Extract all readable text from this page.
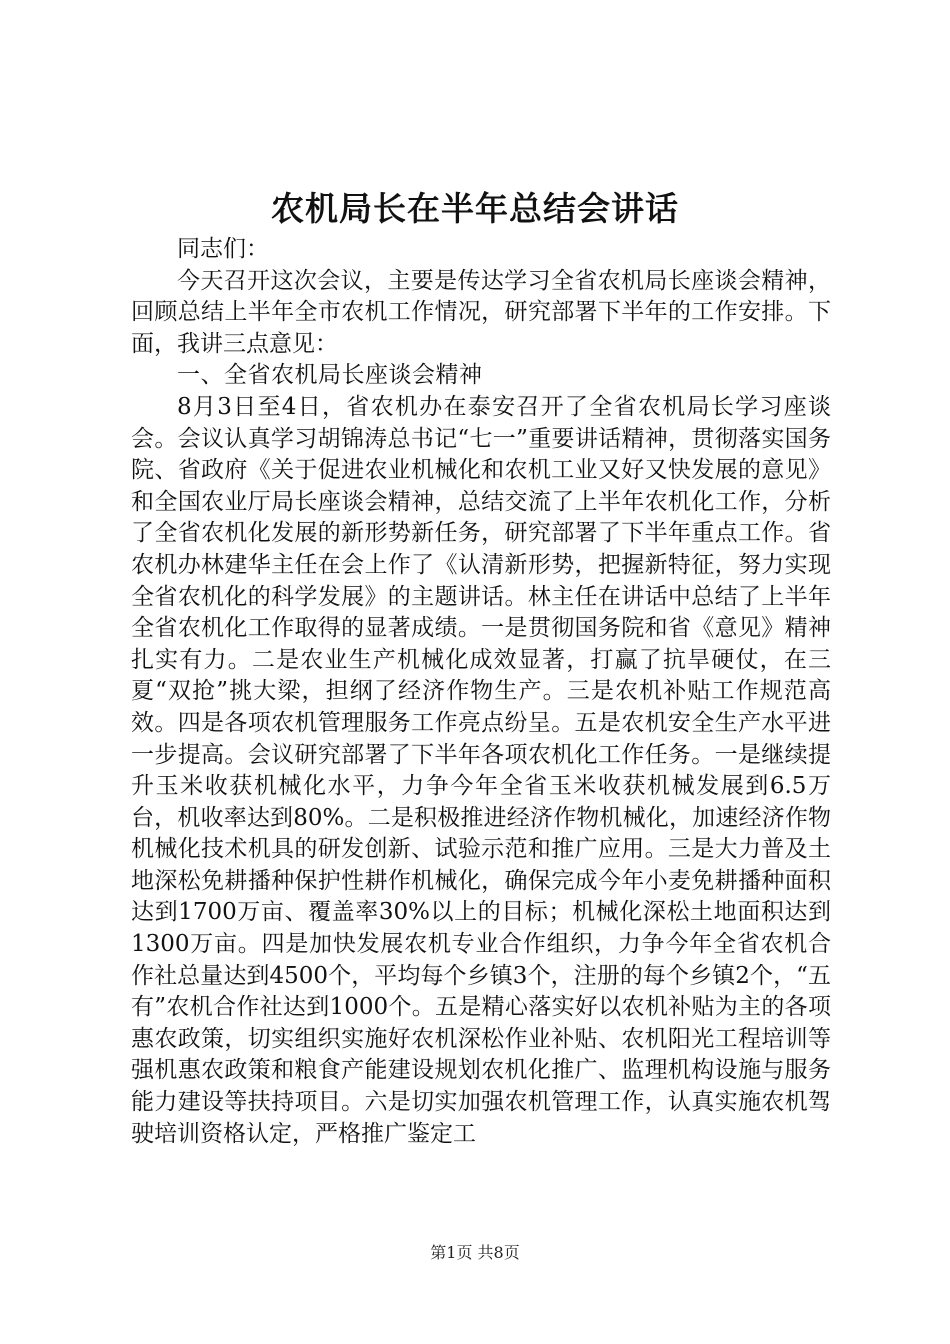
农机局长在半年总结会讲话

同志们：

今天召开这次会议，主要是传达学习全省农机局长座谈会精神，回顾总结上半年全市农机工作情况，研究部署下半年的工作安排。下面，我讲三点意见：

一、全省农机局长座谈会精神

8月3日至4日，省农机办在泰安召开了全省农机局长学习座谈会。会议认真学习胡锦涛总书记“七一”重要讲话精神，贯彻落实国务院、省政府《关于促进农业机械化和农机工业又好又快发展的意见》和全国农业厅局长座谈会精神，总结交流了上半年农机化工作，分析了全省农机化发展的新形势新任务，研究部署了下半年重点工作。省农机办林建华主任在会上作了《认清新形势，把握新特征，努力实现全省农机化的科学发展》的主题讲话。林主任在讲话中总结了上半年全省农机化工作取得的显著成绩。一是贯彻国务院和省《意见》精神扎实有力。二是农业生产机械化成效显著，打赢了抗旱硬仗，在三夏“双抢”挑大梁，担纲了经济作物生产。三是农机补贴工作规范高效。四是各项农机管理服务工作亮点纷呈。五是农机安全生产水平进一步提高。会议研究部署了下半年各项农机化工作任务。一是继续提升玉米收获机械化水平，力争今年全省玉米收获机械发展到6.5万台，机收率达到80%。二是积极推进经济作物机械化，加速经济作物机械化技术机具的研发创新、试验示范和推广应用。三是大力普及土地深松免耕播种保护性耕作机械化，确保完成今年小麦免耕播种面积达到1700万亩、覆盖率30%以上的目标；机械化深松土地面积达到1300万亩。四是加快发展农机专业合作组织，力争今年全省农机合作社总量达到4500个，平均每个乡镇3个，注册的每个乡镇2个，“五有”农机合作社达到1000个。五是精心落实好以农机补贴为主的各项惠农政策，切实组织实施好农机深松作业补贴、农机阳光工程培训等强机惠农政策和粮食产能建设规划农机化推广、监理机构设施与服务能力建设等扶持项目。六是切实加强农机管理工作，认真实施农机驾驶培训资格认定，严格推广鉴定工

第1页 共8页
